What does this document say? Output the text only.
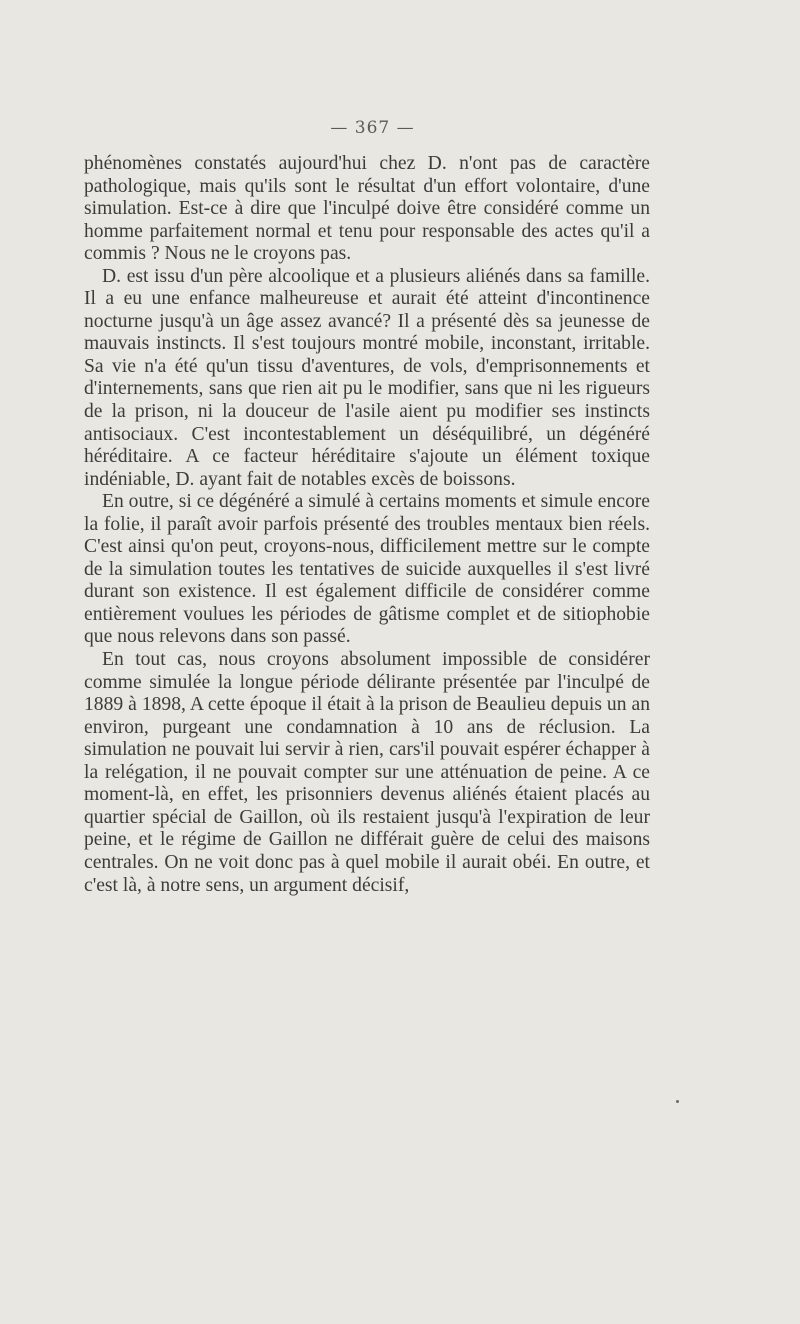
— 367 —

phénomènes constatés aujourd'hui chez D. n'ont pas de caractère pathologique, mais qu'ils sont le résultat d'un effort volontaire, d'une simulation. Est-ce à dire que l'inculpé doive être considéré comme un homme parfaitement normal et tenu pour responsable des actes qu'il a commis ? Nous ne le croyons pas.

D. est issu d'un père alcoolique et a plusieurs aliénés dans sa famille. Il a eu une enfance malheureuse et aurait été atteint d'incontinence nocturne jusqu'à un âge assez avancé? Il a présenté dès sa jeunesse de mauvais instincts. Il s'est toujours montré mobile, inconstant, irritable. Sa vie n'a été qu'un tissu d'aventures, de vols, d'emprisonnements et d'internements, sans que rien ait pu le modifier, sans que ni les rigueurs de la prison, ni la douceur de l'asile aient pu modifier ses instincts antisociaux. C'est incontestablement un déséquilibré, un dégénéré héréditaire. A ce facteur héréditaire s'ajoute un élément toxique indéniable, D. ayant fait de notables excès de boissons.

En outre, si ce dégénéré a simulé à certains moments et simule encore la folie, il paraît avoir parfois présenté des troubles mentaux bien réels. C'est ainsi qu'on peut, croyons-nous, difficilement mettre sur le compte de la simulation toutes les tentatives de suicide auxquelles il s'est livré durant son existence. Il est également difficile de considérer comme entièrement voulues les périodes de gâtisme complet et de sitiophobie que nous relevons dans son passé.

En tout cas, nous croyons absolument impossible de considérer comme simulée la longue période délirante présentée par l'inculpé de 1889 à 1898, A cette époque il était à la prison de Beaulieu depuis un an environ, purgeant une condamnation à 10 ans de réclusion. La simulation ne pouvait lui servir à rien, cars'il pouvait espérer échapper à la relégation, il ne pouvait compter sur une atténuation de peine. A ce moment-là, en effet, les prisonniers devenus aliénés étaient placés au quartier spécial de Gaillon, où ils restaient jusqu'à l'expiration de leur peine, et le régime de Gaillon ne différait guère de celui des maisons centrales. On ne voit donc pas à quel mobile il aurait obéi. En outre, et c'est là, à notre sens, un argument décisif,
